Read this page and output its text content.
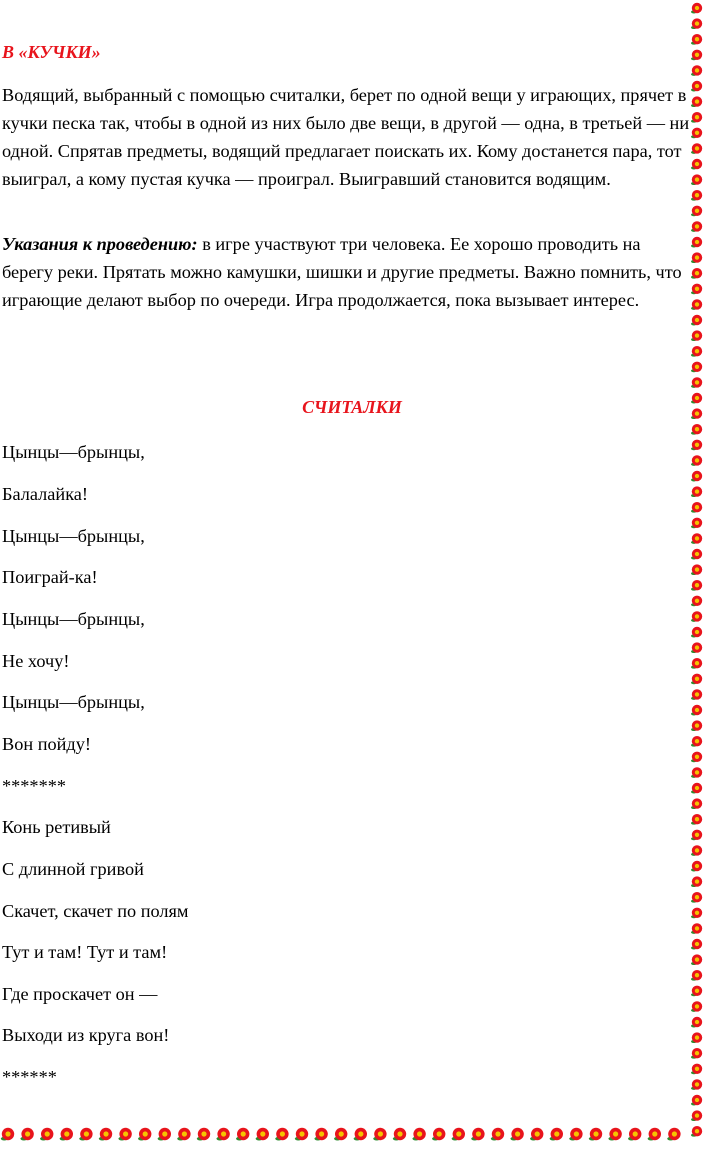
В «КУЧКИ»

Водящий, выбранный с помощью считалки, берет по одной вещи у играющих, прячет в кучки песка так, чтобы в одной из них было две вещи, в другой — одна, в третьей — ни одной. Спрятав предметы, водящий предлагает поискать их. Кому достанется пара, тот выиграл, а кому пустая кучка — проиграл. Выигравший становится водящим.

Указания к проведению: в игре участвуют три человека. Ее хорошо проводить на берегу реки. Прятать можно камушки, шишки и другие предметы. Важно помнить, что играющие делают выбор по очереди. Игра продолжается, пока вызывает интерес.

СЧИТАЛКИ
Цынцы—брынцы,
Балалайка!
Цынцы—брынцы,
Поиграй-ка!
Цынцы—брынцы,
Не хочу!
Цынцы—брынцы,
Вон пойду!
*******
Конь ретивый
С длинной гривой
Скачет, скачет по полям
Тут и там! Тут и там!
Где проскачет он —
Выходи из круга вон!
******
